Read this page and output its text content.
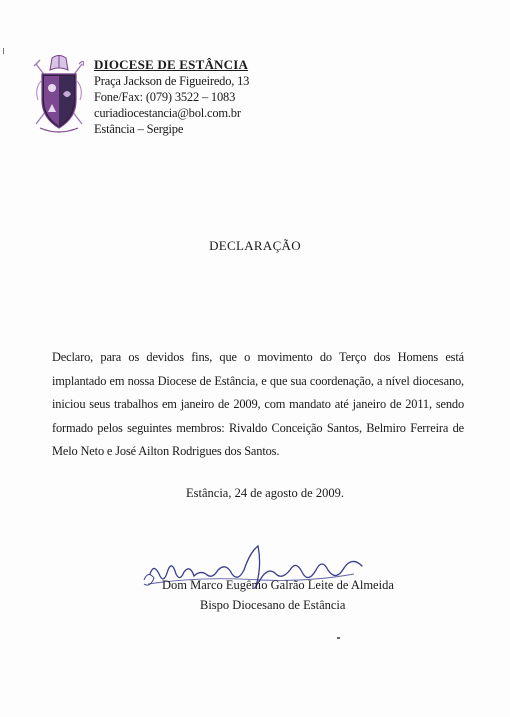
DIOCESE DE ESTÂNCIA
Praça Jackson de Figueiredo, 13
Fone/Fax: (079) 3522 – 1083
curiadiocestancia@bol.com.br
Estância – Sergipe
DECLARAÇÃO
Declaro, para os devidos fins, que o movimento do Terço dos Homens está implantado em nossa Diocese de Estância, e que sua coordenação, a nível diocesano, iniciou seus trabalhos em janeiro de 2009, com mandato até janeiro de 2011, sendo formado pelos seguintes membros: Rivaldo Conceição Santos, Belmiro Ferreira de Melo Neto e José Ailton Rodrigues dos Santos.
Estância, 24 de agosto de 2009.
Dom Marco Eugênio Galrão Leite de Almeida
Bispo Diocesano de Estância
